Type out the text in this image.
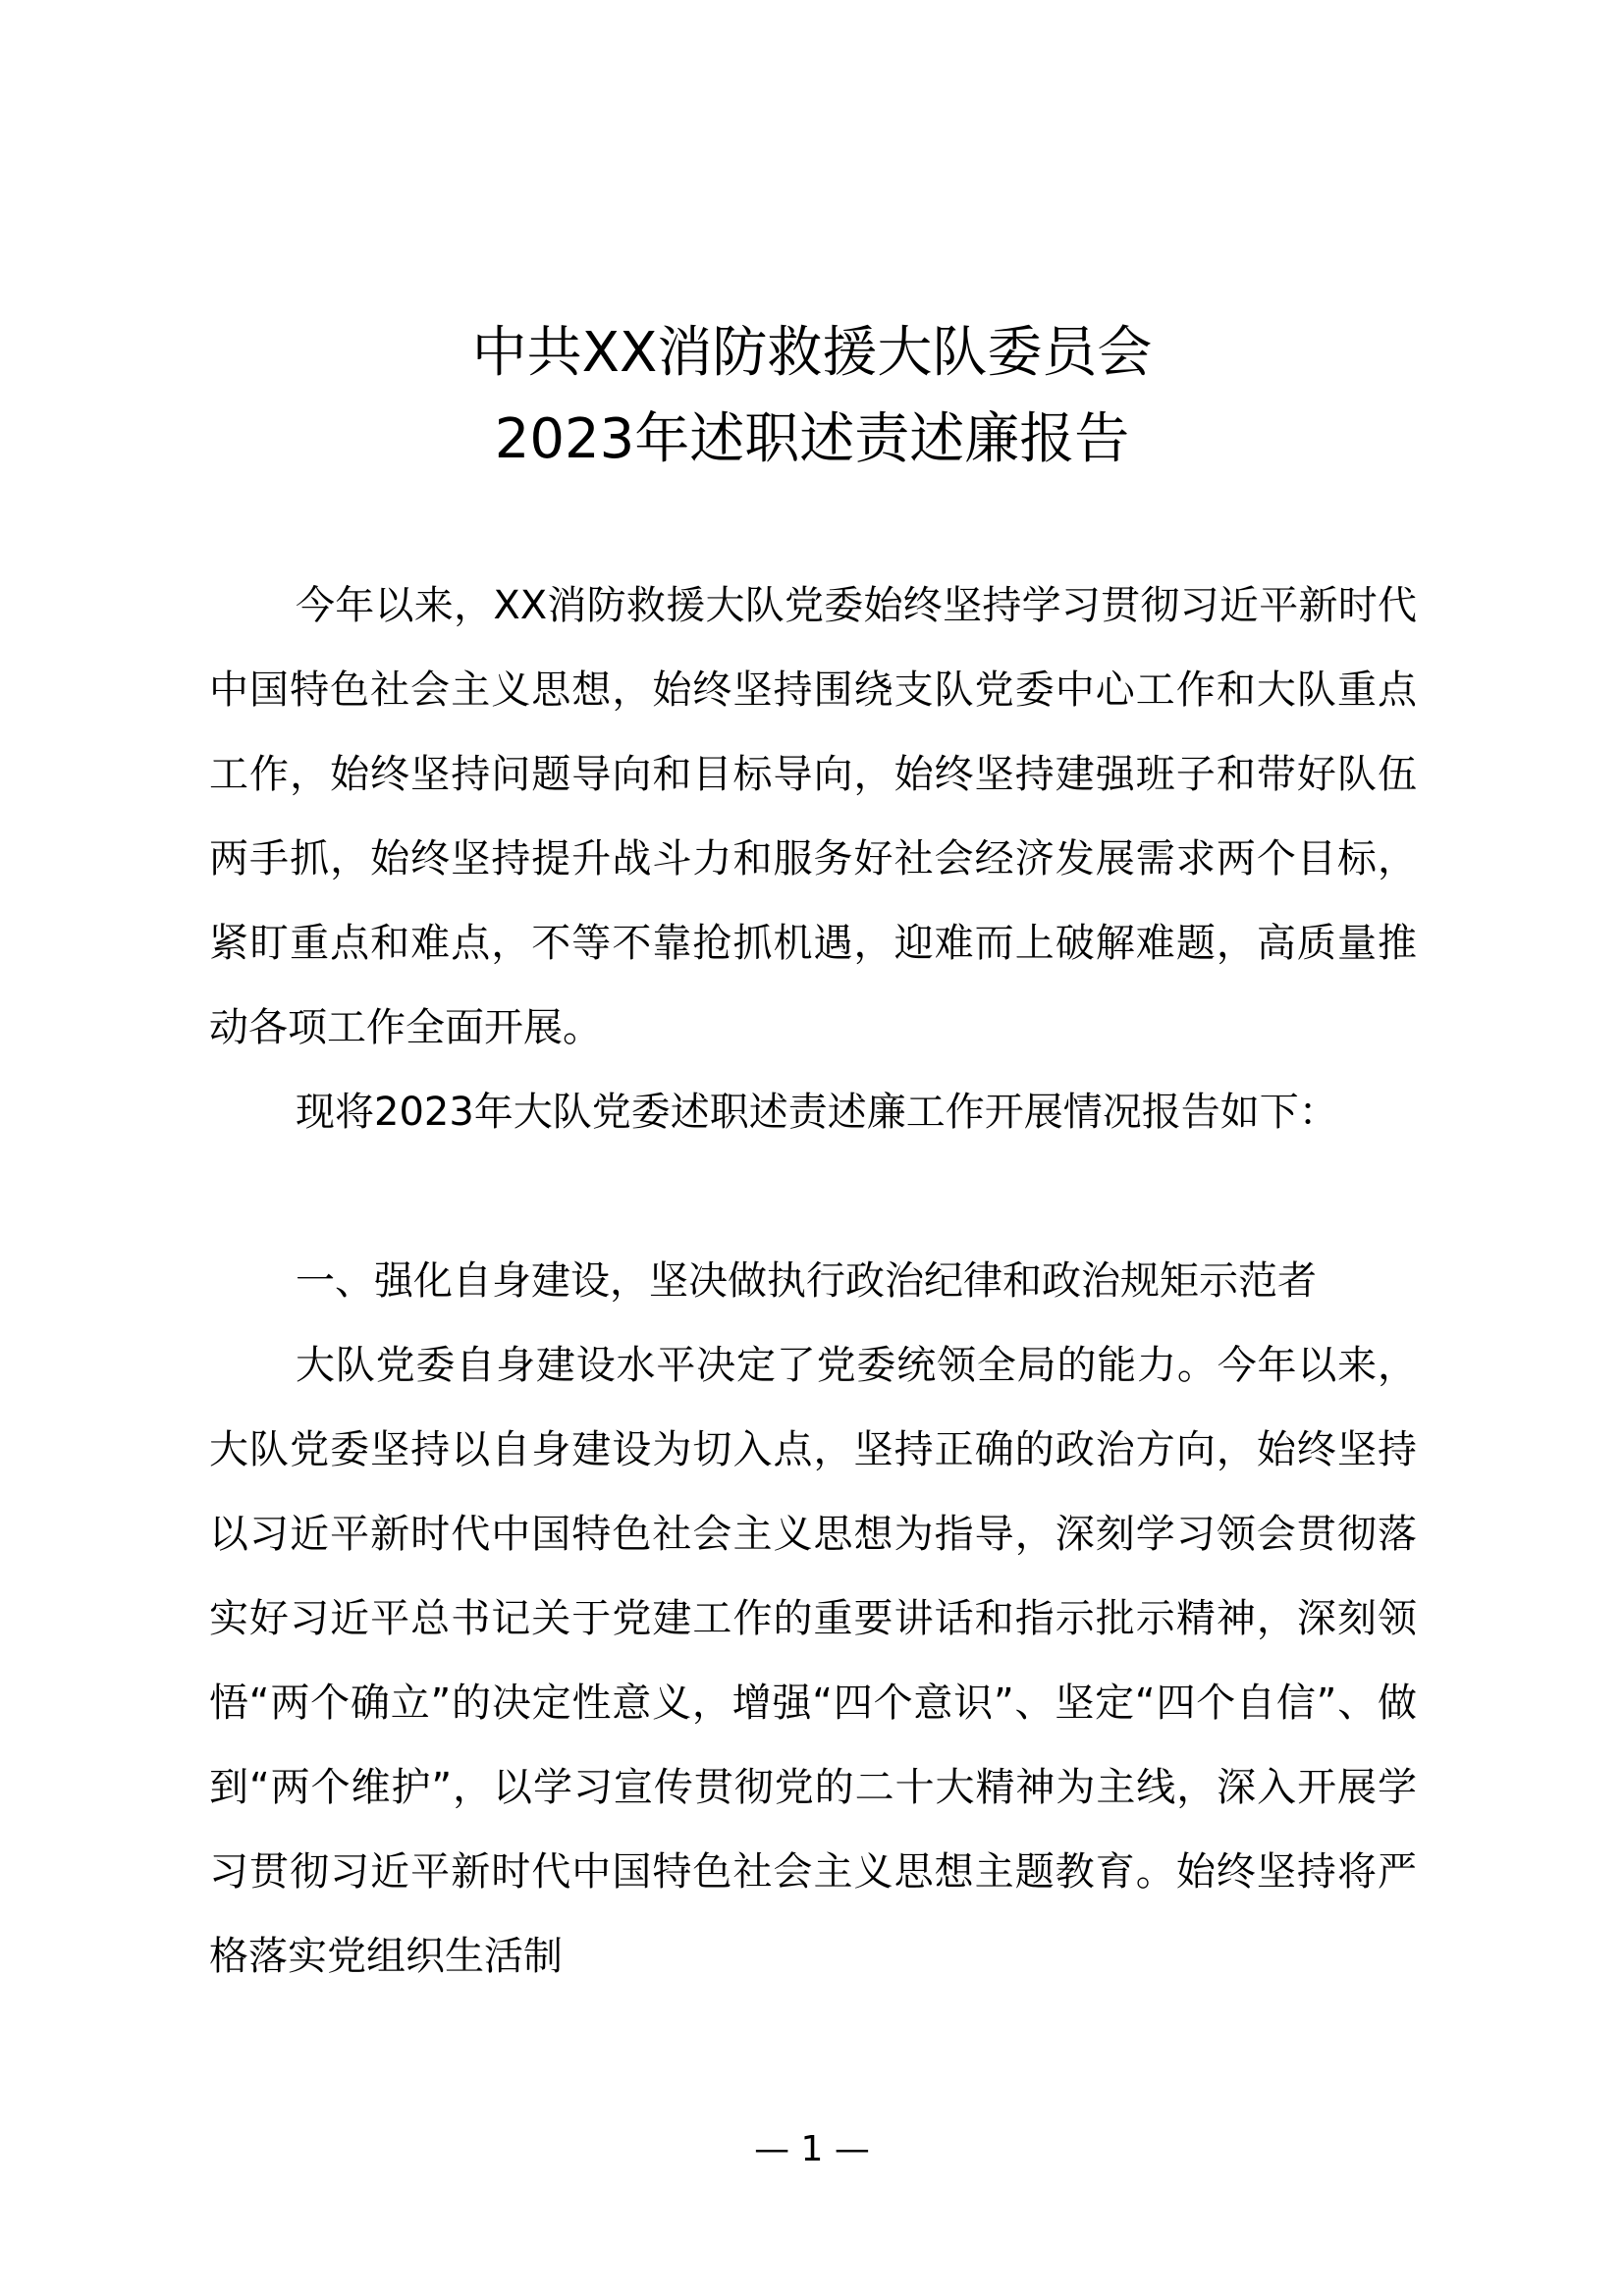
中共XX消防救援大队委员会
2023年述职述责述廉报告

今年以来，XX消防救援大队党委始终坚持学习贯彻习近平新时代中国特色社会主义思想，始终坚持围绕支队党委中心工作和大队重点工作，始终坚持问题导向和目标导向，始终坚持建强班子和带好队伍两手抓，始终坚持提升战斗力和服务好社会经济发展需求两个目标，紧盯重点和难点，不等不靠抢抓机遇，迎难而上破解难题，高质量推动各项工作全面开展。

现将2023年大队党委述职述责述廉工作开展情况报告如下：

一、强化自身建设，坚决做执行政治纪律和政治规矩示范者

大队党委自身建设水平决定了党委统领全局的能力。今年以来，大队党委坚持以自身建设为切入点，坚持正确的政治方向，始终坚持以习近平新时代中国特色社会主义思想为指导，深刻学习领会贯彻落实好习近平总书记关于党建工作的重要讲话和指示批示精神，深刻领悟“两个确立”的决定性意义，增强“四个意识”、坚定“四个自信”、做到“两个维护”，以学习宣传贯彻党的二十大精神为主线，深入开展学习贯彻习近平新时代中国特色社会主义思想主题教育。始终坚持将严格落实党组织生活制

— 1 —
